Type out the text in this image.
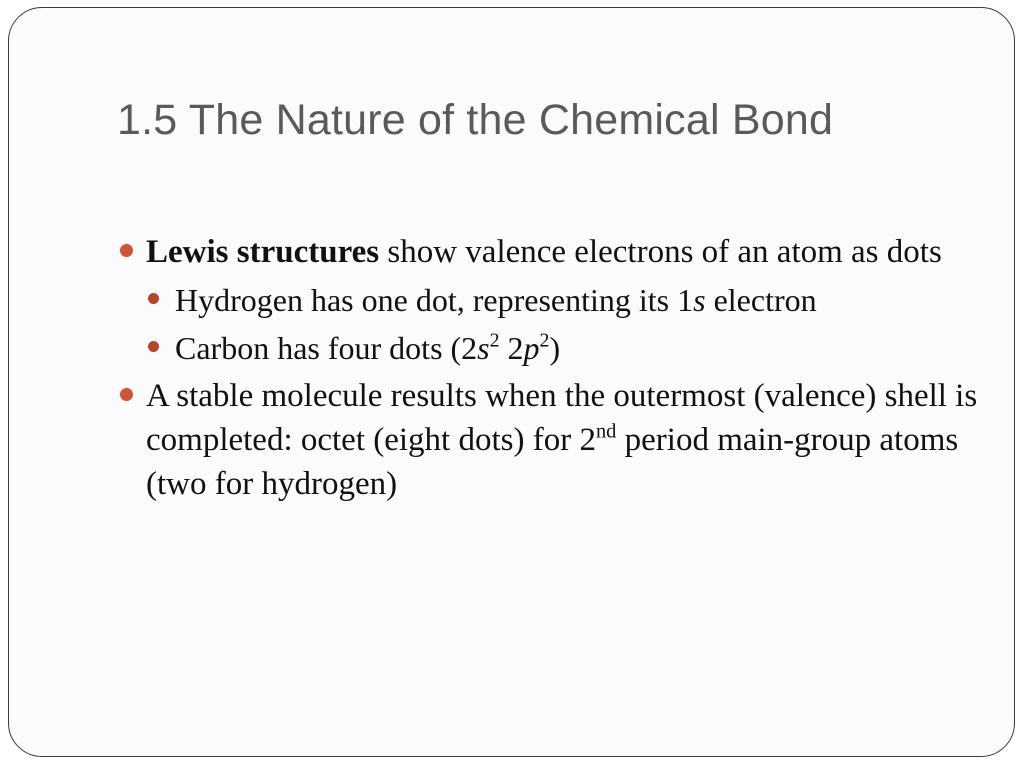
1.5 The Nature of the Chemical Bond
Lewis structures show valence electrons of an atom as dots
Hydrogen has one dot, representing its 1s electron
Carbon has four dots ($2s^2$ $2p^2$)
A stable molecule results when the outermost (valence) shell is completed: octet (eight dots) for 2nd period main-group atoms (two for hydrogen)
